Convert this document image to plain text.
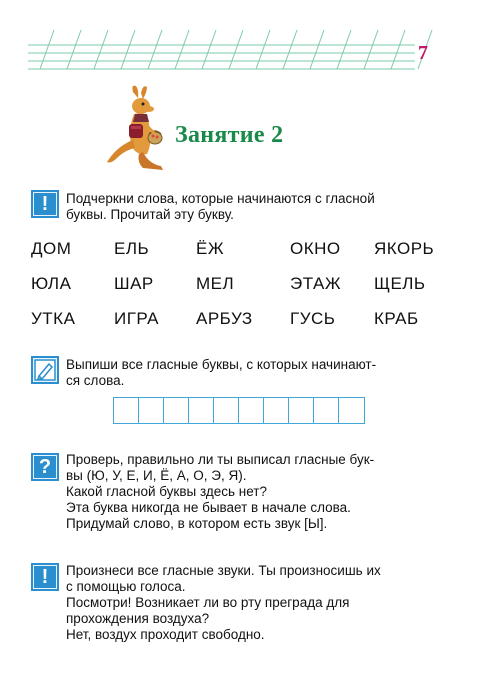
7
Занятие 2
!	Подчеркни слова, которые начинаются с гласной

буквы. Прочитай эту букву.

ДОМ	ЕЛЬ	ЁЖ	ОКНО ЯКОРЬ
ЮЛА	ШАР МЕЛ	ЭТАЖ ЩЕЛЬ
УТКА ИГРА АРБУЗ ГУСЬ КРАБ

Выпиши все гласные буквы, с которых начинают-

ся слова.

?	Проверь, правильно ли ты выписал гласные бук-

вы (Ю, У, Е, И, Ё, А, О, Э, Я).

Какой гласной буквы здесь нет?

Эта буква никогда не бывает в начале слова.

Придумай слово, в котором есть звук [Ы].

!	Произнеси все гласные звуки. Ты произносишь их

с помощью голоса.

Посмотри! Возникает ли во рту преграда для

прохождения воздуха?

Нет, воздух проходит свободно.
